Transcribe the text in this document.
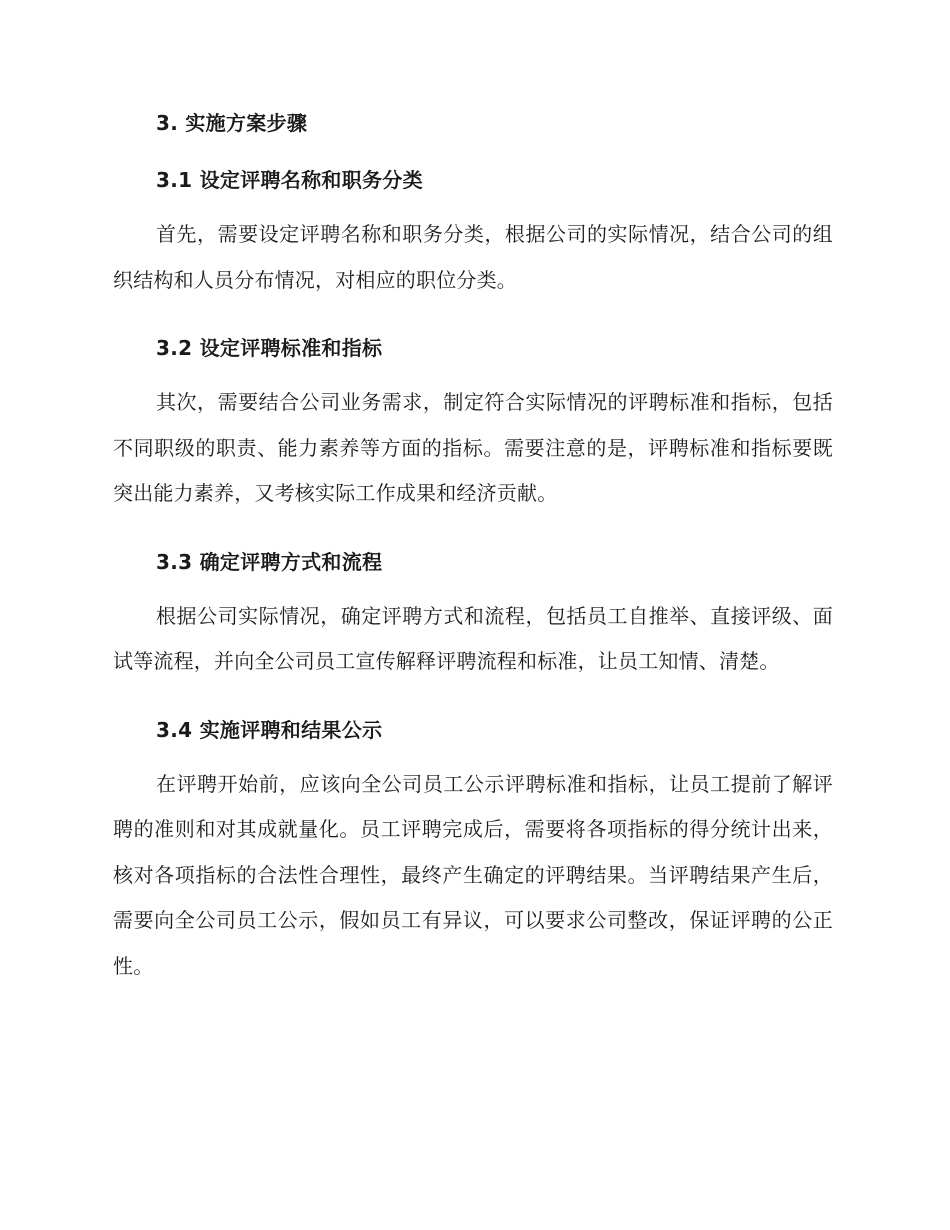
3. 实施方案步骤
3.1 设定评聘名称和职务分类

首先，需要设定评聘名称和职务分类，根据公司的实际情况，结合公司的组织结构和人员分布情况，对相应的职位分类。

3.2 设定评聘标准和指标

其次，需要结合公司业务需求，制定符合实际情况的评聘标准和指标，包括不同职级的职责、能力素养等方面的指标。需要注意的是，评聘标准和指标要既突出能力素养，又考核实际工作成果和经济贡献。

3.3 确定评聘方式和流程

根据公司实际情况，确定评聘方式和流程，包括员工自推举、直接评级、面试等流程，并向全公司员工宣传解释评聘流程和标准，让员工知情、清楚。

3.4 实施评聘和结果公示

在评聘开始前，应该向全公司员工公示评聘标准和指标，让员工提前了解评聘的准则和对其成就量化。员工评聘完成后，需要将各项指标的得分统计出来，核对各项指标的合法性合理性，最终产生确定的评聘结果。当评聘结果产生后，需要向全公司员工公示，假如员工有异议，可以要求公司整改，保证评聘的公正性。
